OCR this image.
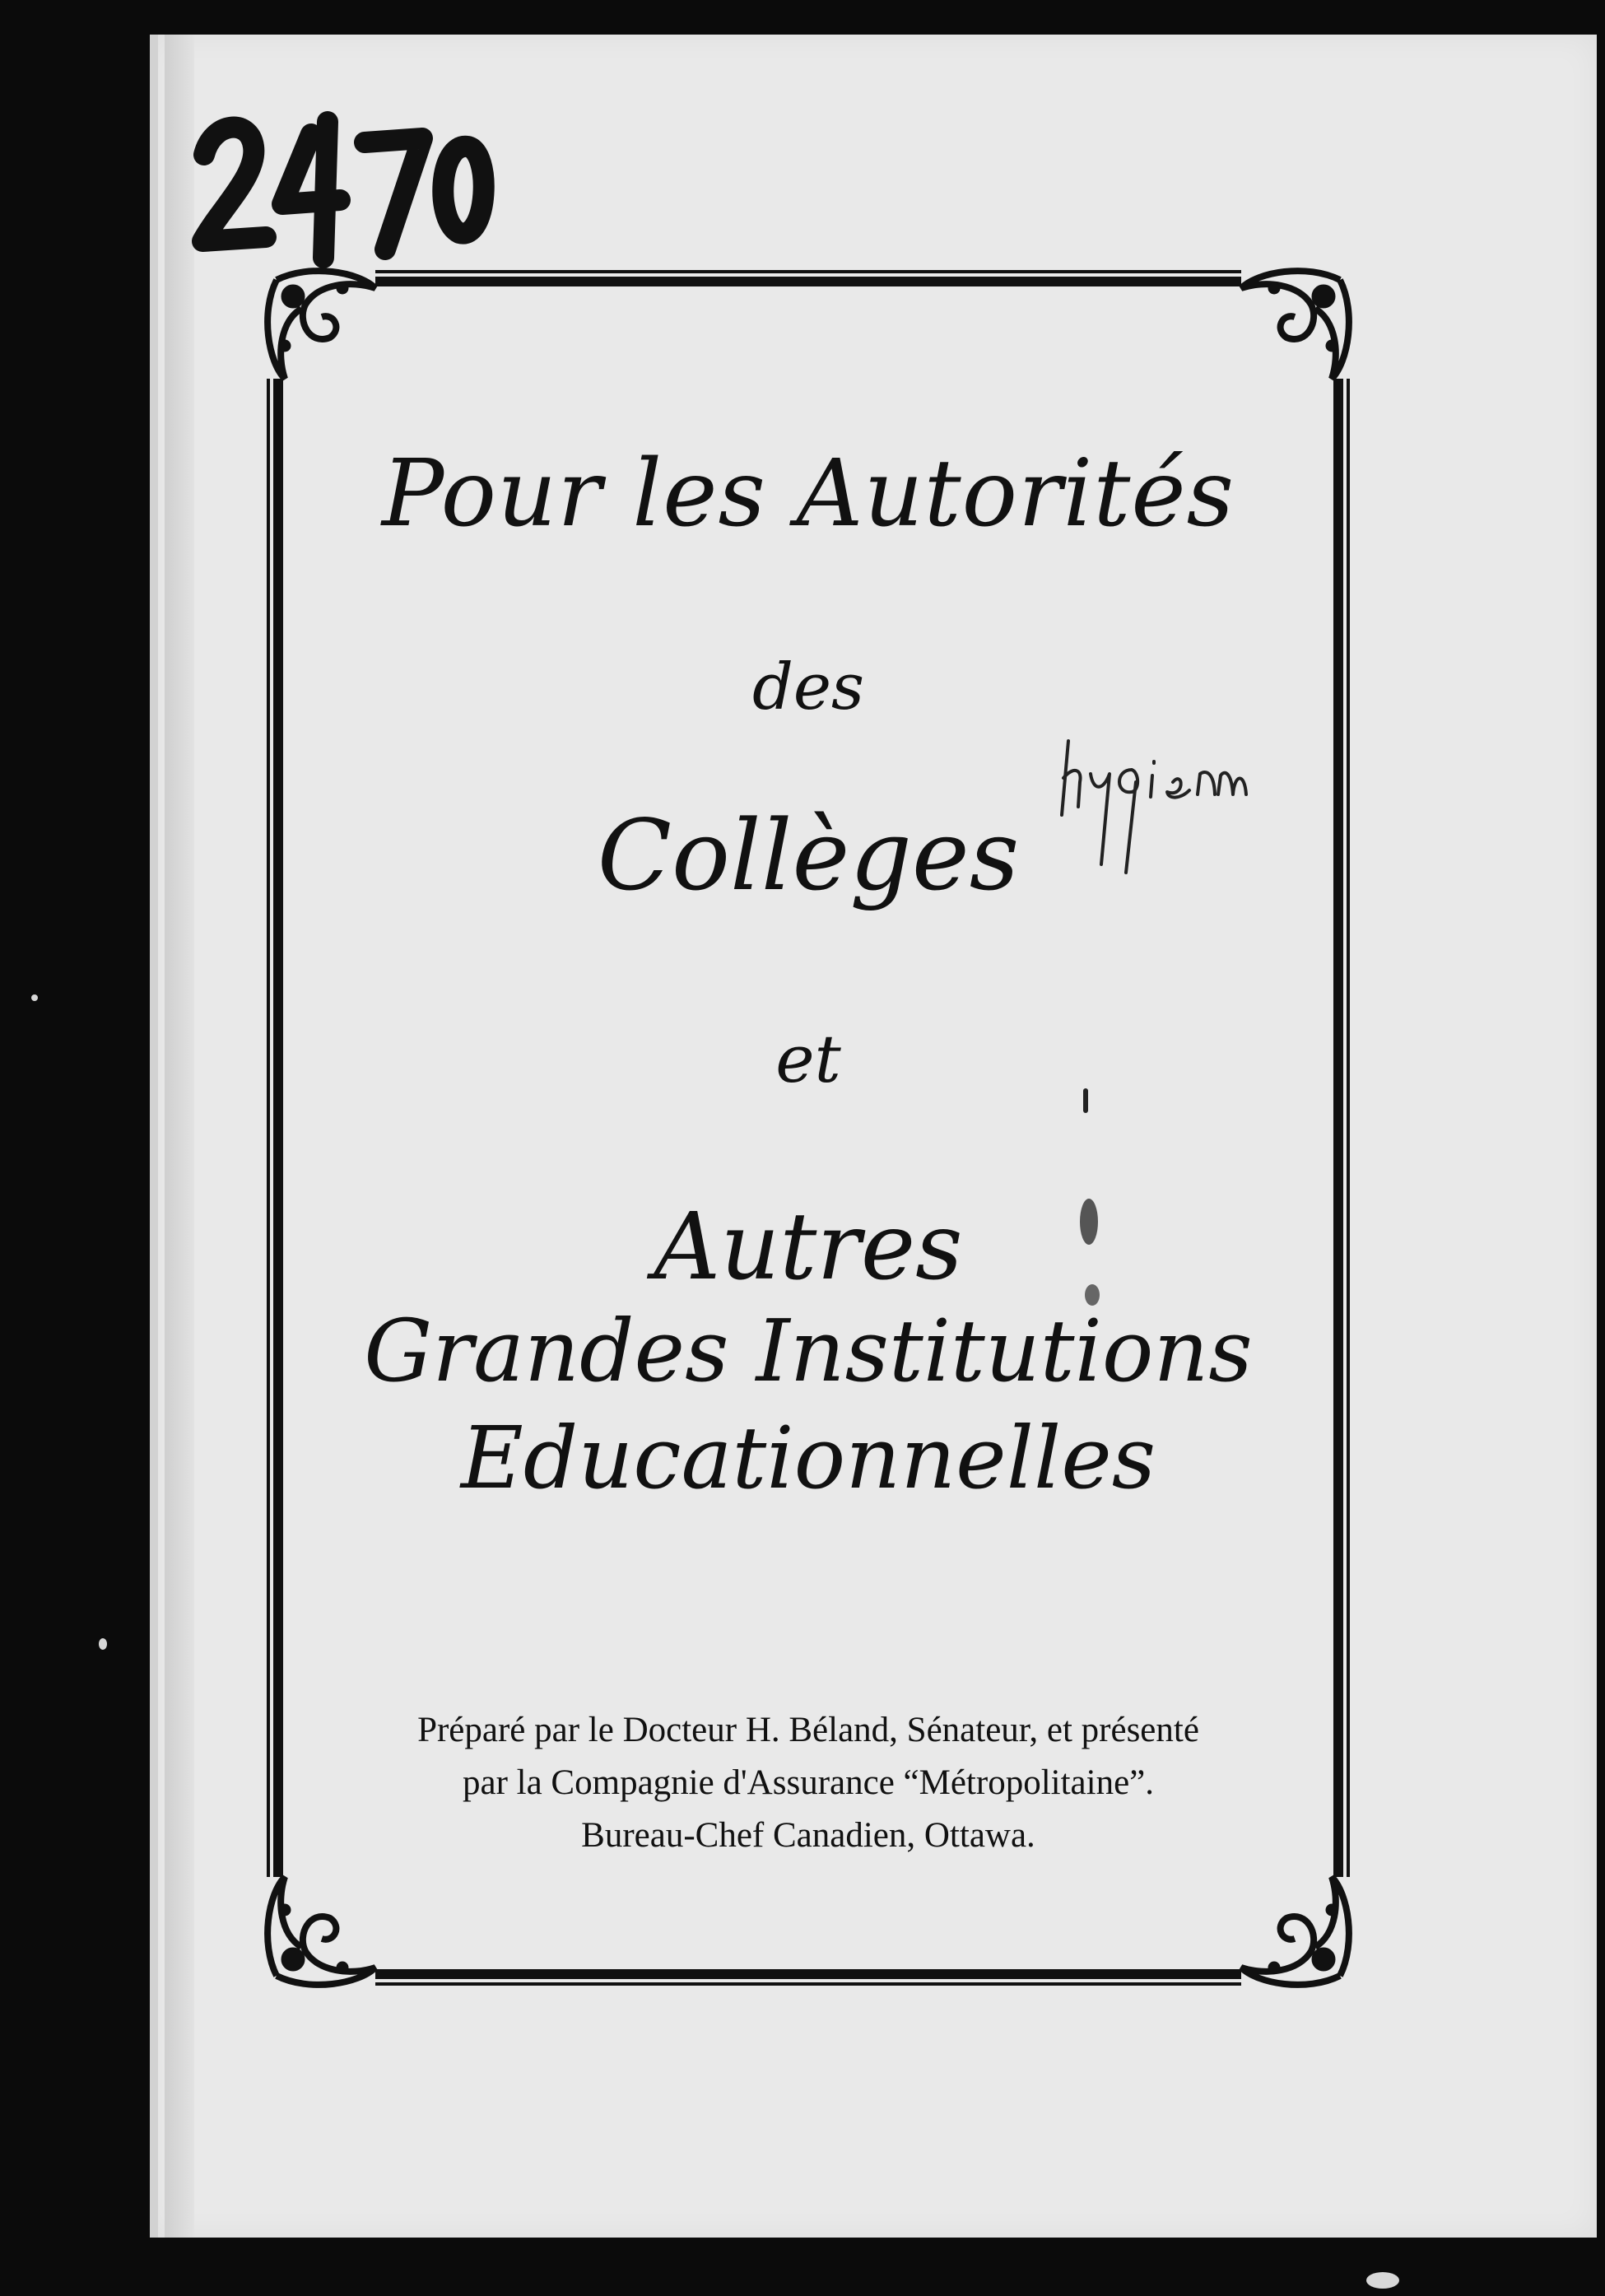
Pour les Autorités
des
Collèges
et
Autres
Grandes Institutions
Educationnelles
Préparé par le Docteur H. Béland, Sénateur, et présenté
par la Compagnie d'Assurance “Métropolitaine”.
Bureau-Chef Canadien, Ottawa.
